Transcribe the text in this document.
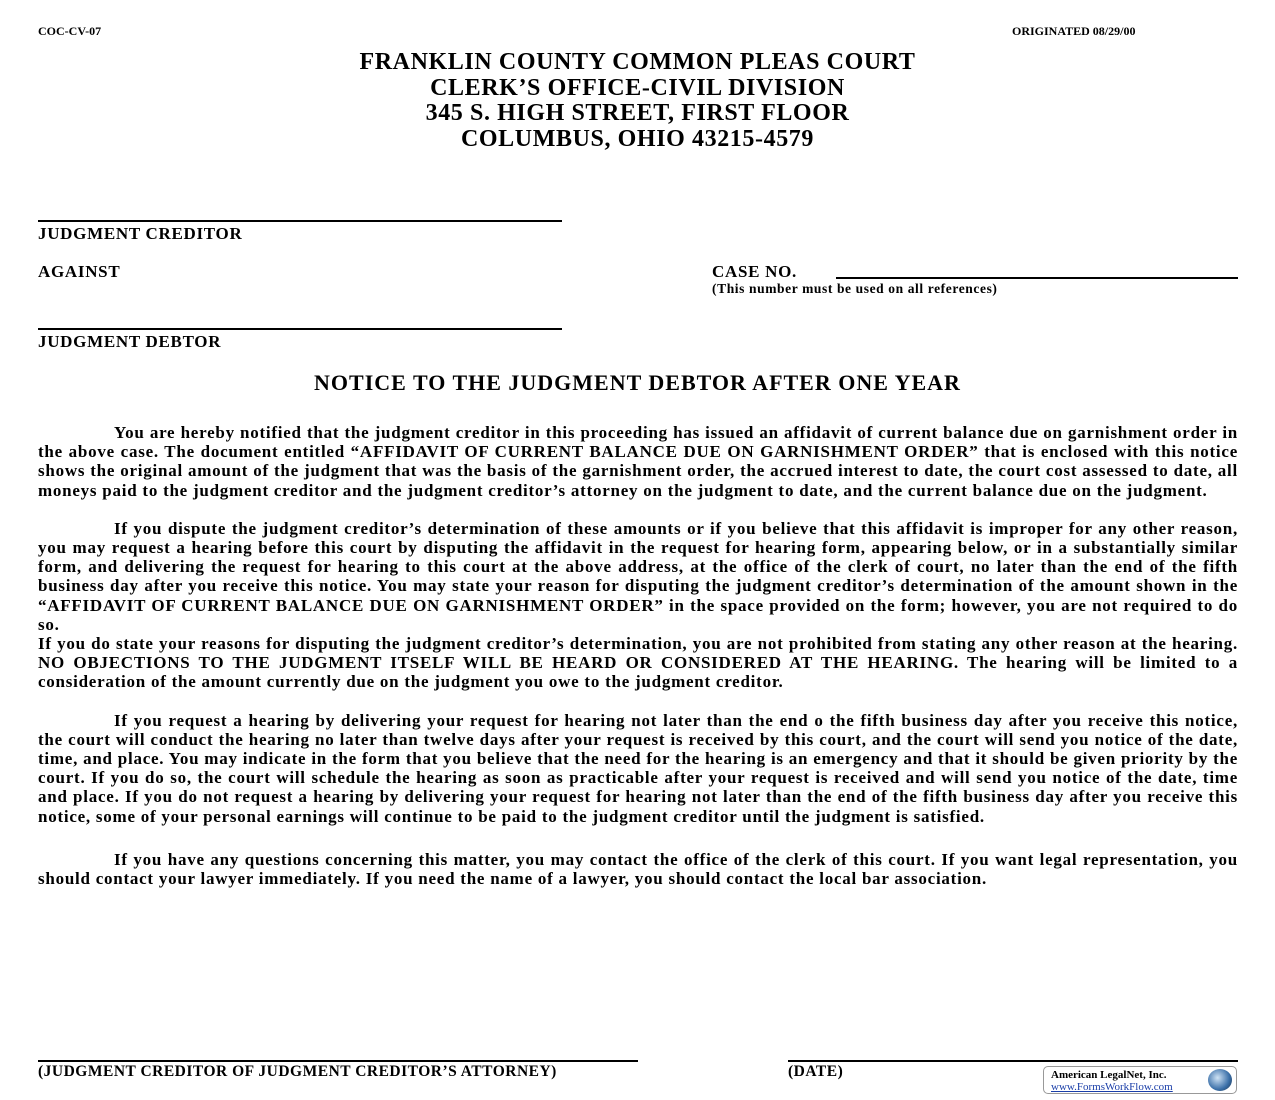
COC-CV-07	ORIGINATED 08/29/00
FRANKLIN COUNTY COMMON PLEAS COURT
CLERK’S OFFICE-CIVIL DIVISION
345 S. HIGH STREET, FIRST FLOOR
COLUMBUS, OHIO 43215-4579
JUDGMENT CREDITOR
AGAINST	CASE NO.
(This number must be used on all references)
JUDGMENT DEBTOR
NOTICE TO THE JUDGMENT DEBTOR AFTER ONE YEAR

You are hereby notified that the judgment creditor in this proceeding has issued an affidavit of current balance due on garnishment order in the above case. The document entitled “AFFIDAVIT OF CURRENT BALANCE DUE ON GARNISHMENT ORDER” that is enclosed with this notice shows the original amount of the judgment that was the basis of the garnishment order, the accrued interest to date, the court cost assessed to date, all moneys paid to the judgment creditor and the judgment creditor’s attorney on the judgment to date, and the current balance due on the judgment.

If you dispute the judgment creditor’s determination of these amounts or if you believe that this affidavit is improper for any other reason, you may request a hearing before this court by disputing the affidavit in the request for hearing form, appearing below, or in a substantially similar form, and delivering the request for hearing to this court at the above address, at the office of the clerk of court, no later than the end of the fifth business day after you receive this notice. You may state your reason for disputing the judgment creditor’s determination of the amount shown in the “AFFIDAVIT OF CURRENT BALANCE DUE ON GARNISHMENT ORDER” in the space provided on the form; however, you are not required to do so.

If you do state your reasons for disputing the judgment creditor’s determination, you are not prohibited from stating any other reason at the hearing. NO OBJECTIONS TO THE JUDGMENT ITSELF WILL BE HEARD OR CONSIDERED AT THE HEARING. The hearing will be limited to a consideration of the amount currently due on the judgment you owe to the judgment creditor.

If you request a hearing by delivering your request for hearing not later than the end o the fifth business day after you receive this notice, the court will conduct the hearing no later than twelve days after your request is received by this court, and the court will send you notice of the date, time, and place. You may indicate in the form that you believe that the need for the hearing is an emergency and that it should be given priority by the court. If you do so, the court will schedule the hearing as soon as practicable after your request is received and will send you notice of the date, time and place. If you do not request a hearing by delivering your request for hearing not later than the end of the fifth business day after you receive this notice, some of your personal earnings will continue to be paid to the judgment creditor until the judgment is satisfied.

If you have any questions concerning this matter, you may contact the office of the clerk of this court. If you want legal representation, you should contact your lawyer immediately. If you need the name of a lawyer, you should contact the local bar association.

(JUDGMENT CREDITOR OF JUDGMENT CREDITOR’S ATTORNEY)	(DATE)	American LegalNet, Inc.
www.FormsWorkFlow.com
